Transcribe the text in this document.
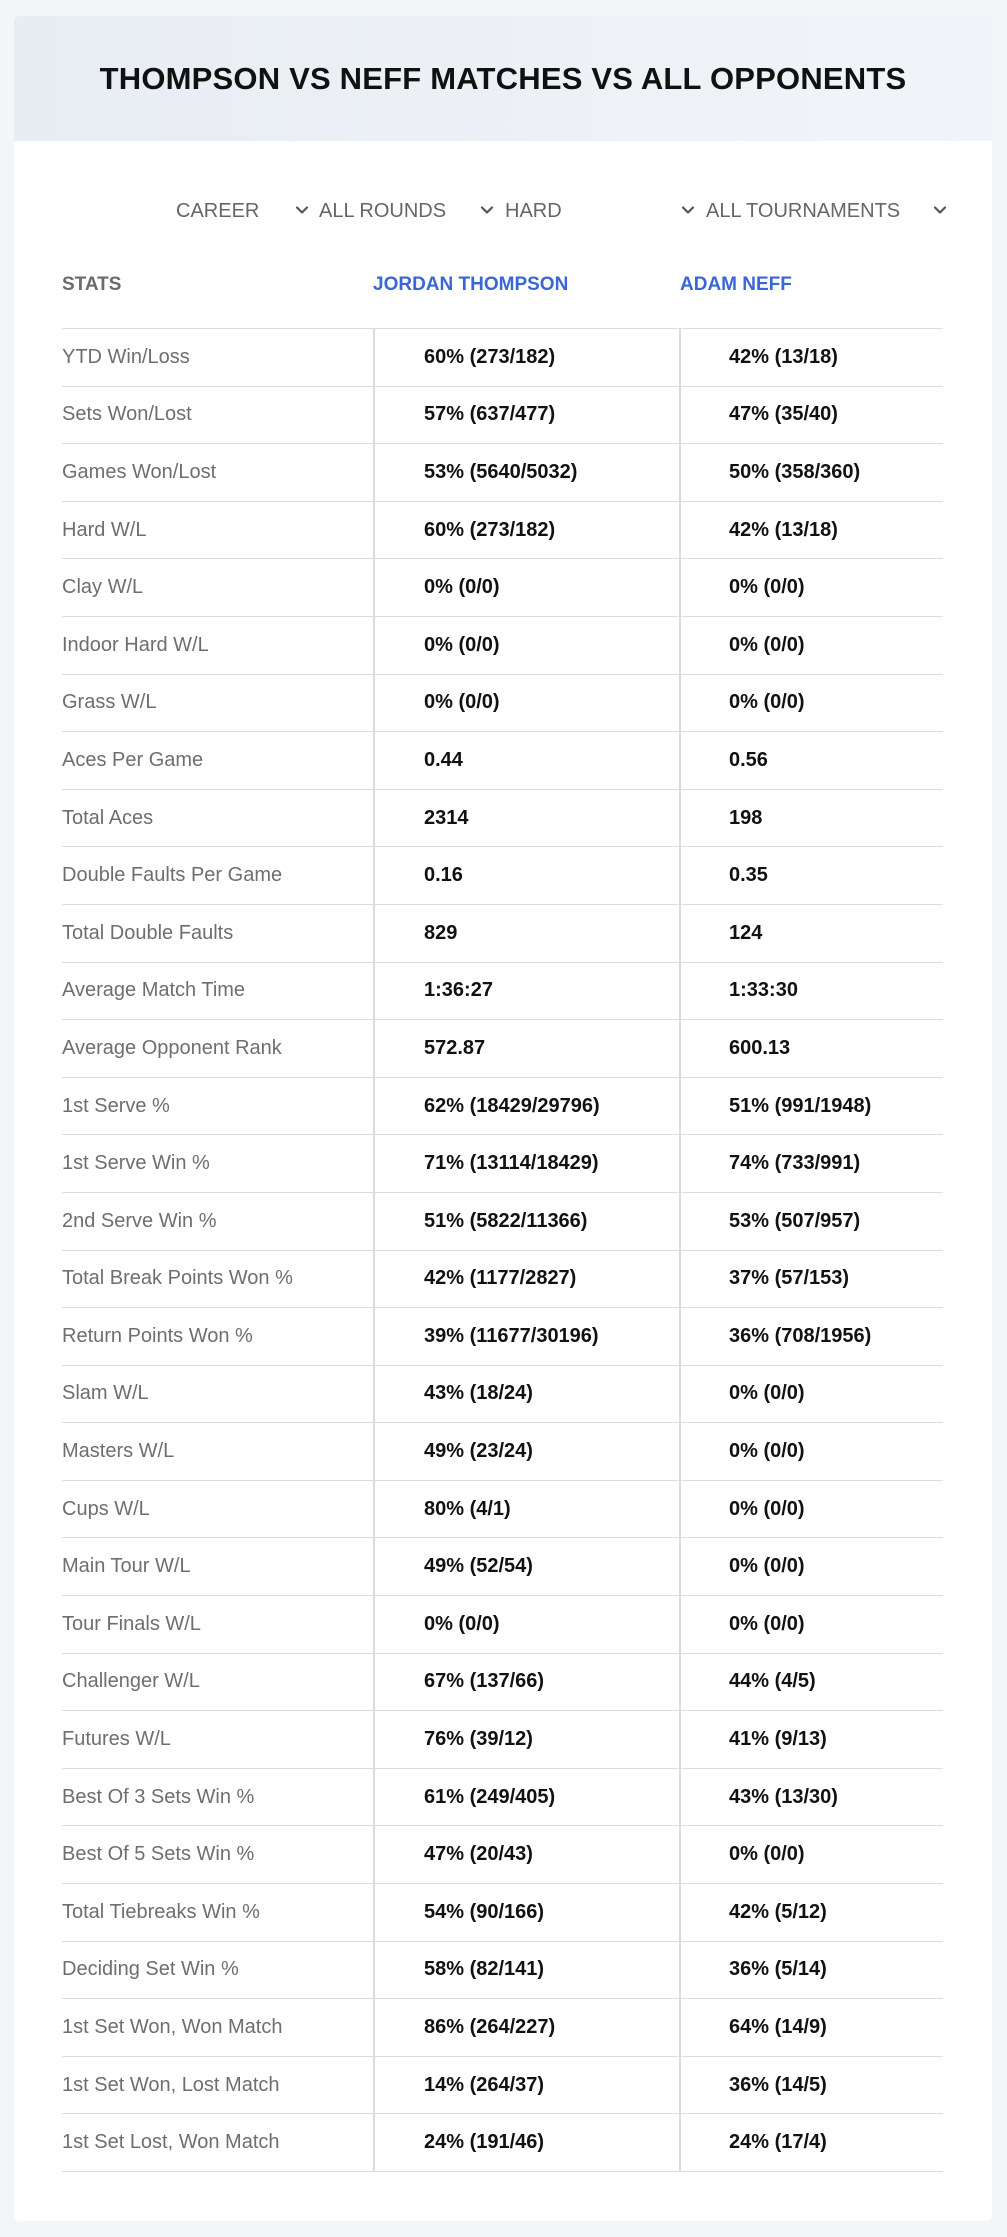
THOMPSON VS NEFF MATCHES VS ALL OPPONENTS
CAREER	ALL ROUNDS	HARD	ALL TOURNAMENTS
STATS	JORDAN THOMPSON	ADAM NEFF
YTD Win/Loss	60% (273/182)	42% (13/18)
Sets Won/Lost	57% (637/477)	47% (35/40)
Games Won/Lost	53% (5640/5032)	50% (358/360)
Hard W/L	60% (273/182)	42% (13/18)
Clay W/L	0% (0/0)	0% (0/0)
Indoor Hard W/L	0% (0/0)	0% (0/0)
Grass W/L	0% (0/0)	0% (0/0)
Aces Per Game	0.44	0.56
Total Aces	2314	198
Double Faults Per Game	0.16	0.35
Total Double Faults	829	124
Average Match Time	1:36:27	1:33:30
Average Opponent Rank	572.87	600.13
1st Serve %	62% (18429/29796)	51% (991/1948)
1st Serve Win %	71% (13114/18429)	74% (733/991)
2nd Serve Win %	51% (5822/11366)	53% (507/957)
Total Break Points Won %	42% (1177/2827)	37% (57/153)
Return Points Won %	39% (11677/30196)	36% (708/1956)
Slam W/L	43% (18/24)	0% (0/0)
Masters W/L	49% (23/24)	0% (0/0)
Cups W/L	80% (4/1)	0% (0/0)
Main Tour W/L	49% (52/54)	0% (0/0)
Tour Finals W/L	0% (0/0)	0% (0/0)
Challenger W/L	67% (137/66)	44% (4/5)
Futures W/L	76% (39/12)	41% (9/13)
Best Of 3 Sets Win %	61% (249/405)	43% (13/30)
Best Of 5 Sets Win %	47% (20/43)	0% (0/0)
Total Tiebreaks Win %	54% (90/166)	42% (5/12)
Deciding Set Win %	58% (82/141)	36% (5/14)
1st Set Won, Won Match	86% (264/227)	64% (14/9)
1st Set Won, Lost Match	14% (264/37)	36% (14/5)
1st Set Lost, Won Match	24% (191/46)	24% (17/4)
